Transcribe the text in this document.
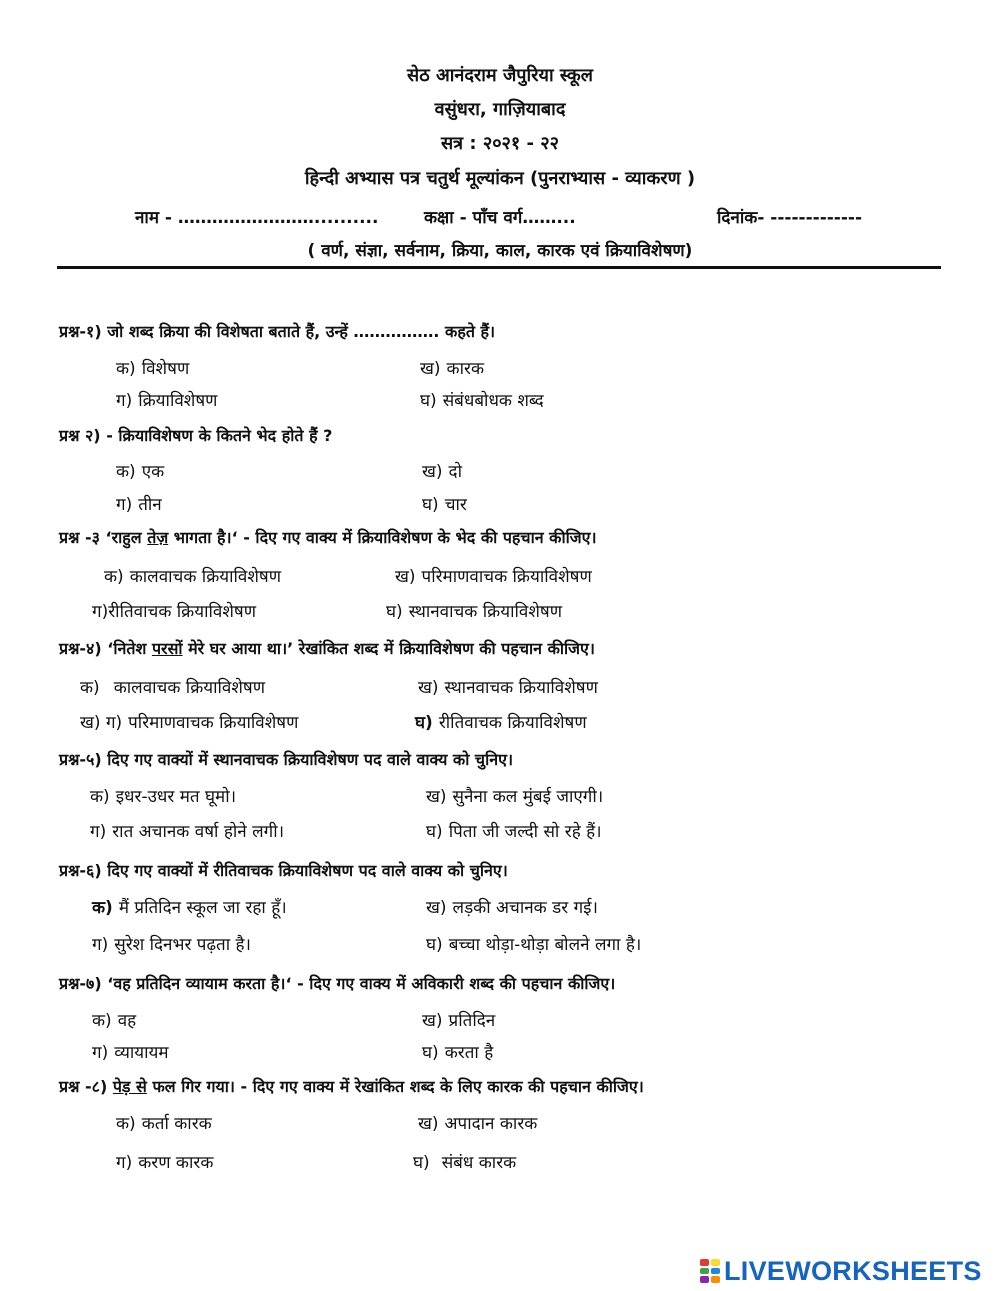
सेठ आनंदराम जैपुरिया स्कूल
वसुंधरा, गाज़ियाबाद
सत्र : २०२१ - २२
हिन्दी अभ्यास पत्र चतुर्थ मूल्यांकन (पुनराभ्यास - व्याकरण )
नाम - ……………………..........	कक्षा - पाँच वर्ग……...	दिनांक- -------------
( वर्ण, संज्ञा, सर्वनाम, क्रिया, काल, कारक एवं क्रियाविशेषण)
प्रश्न-१) जो शब्द क्रिया की विशेषता बताते हैं, उन्हें ……………. कहते हैं।
क) विशेषण	ख) कारक
ग) क्रियाविशेषण	घ) संबंधबोधक शब्द
प्रश्न २) - क्रियाविशेषण के कितने भेद होते हैं ?
क) एक	ख) दो
ग) तीन	घ) चार
प्रश्न -३ ‘राहुल तेज़ भागता है।‘ - दिए गए वाक्य में क्रियाविशेषण के भेद की पहचान कीजिए।
क) कालवाचक क्रियाविशेषण	ख) परिमाणवाचक क्रियाविशेषण
ग)रीतिवाचक क्रियाविशेषण	घ) स्थानवाचक क्रियाविशेषण
प्रश्न-४) ‘नितेश परसों मेरे घर आया था।’ रेखांकित शब्द में क्रियाविशेषण की पहचान कीजिए।
क) कालवाचक क्रियाविशेषण	ख) स्थानवाचक क्रियाविशेषण
ख) ग) परिमाणवाचक क्रियाविशेषण	घ) रीतिवाचक क्रियाविशेषण
प्रश्न-५) दिए गए वाक्यों में स्थानवाचक क्रियाविशेषण पद वाले वाक्य को चुनिए।
क) इधर-उधर मत घूमो।	ख) सुनैना कल मुंबई जाएगी।
ग) रात अचानक वर्षा होने लगी।	घ) पिता जी जल्दी सो रहे हैं।
प्रश्न-६) दिए गए वाक्यों में रीतिवाचक क्रियाविशेषण पद वाले वाक्य को चुनिए।
क) मैं प्रतिदिन स्कूल जा रहा हूँ।	ख) लड़की अचानक डर गई।
ग) सुरेश दिनभर पढ़ता है।	घ) बच्चा थोड़ा-थोड़ा बोलने लगा है।
प्रश्न-७) ‘वह प्रतिदिन व्यायाम करता है।‘ - दिए गए वाक्य में अविकारी शब्द की पहचान कीजिए।
क) वह	ख) प्रतिदिन
ग) व्यायायम	घ) करता है
प्रश्न -८) पेड़ से फल गिर गया। - दिए गए वाक्य में रेखांकित शब्द के लिए कारक की पहचान कीजिए।
क) कर्ता कारक	ख) अपादान कारक
ग) करण कारक	घ) संबंध कारक
LIVEWORKSHEETS
